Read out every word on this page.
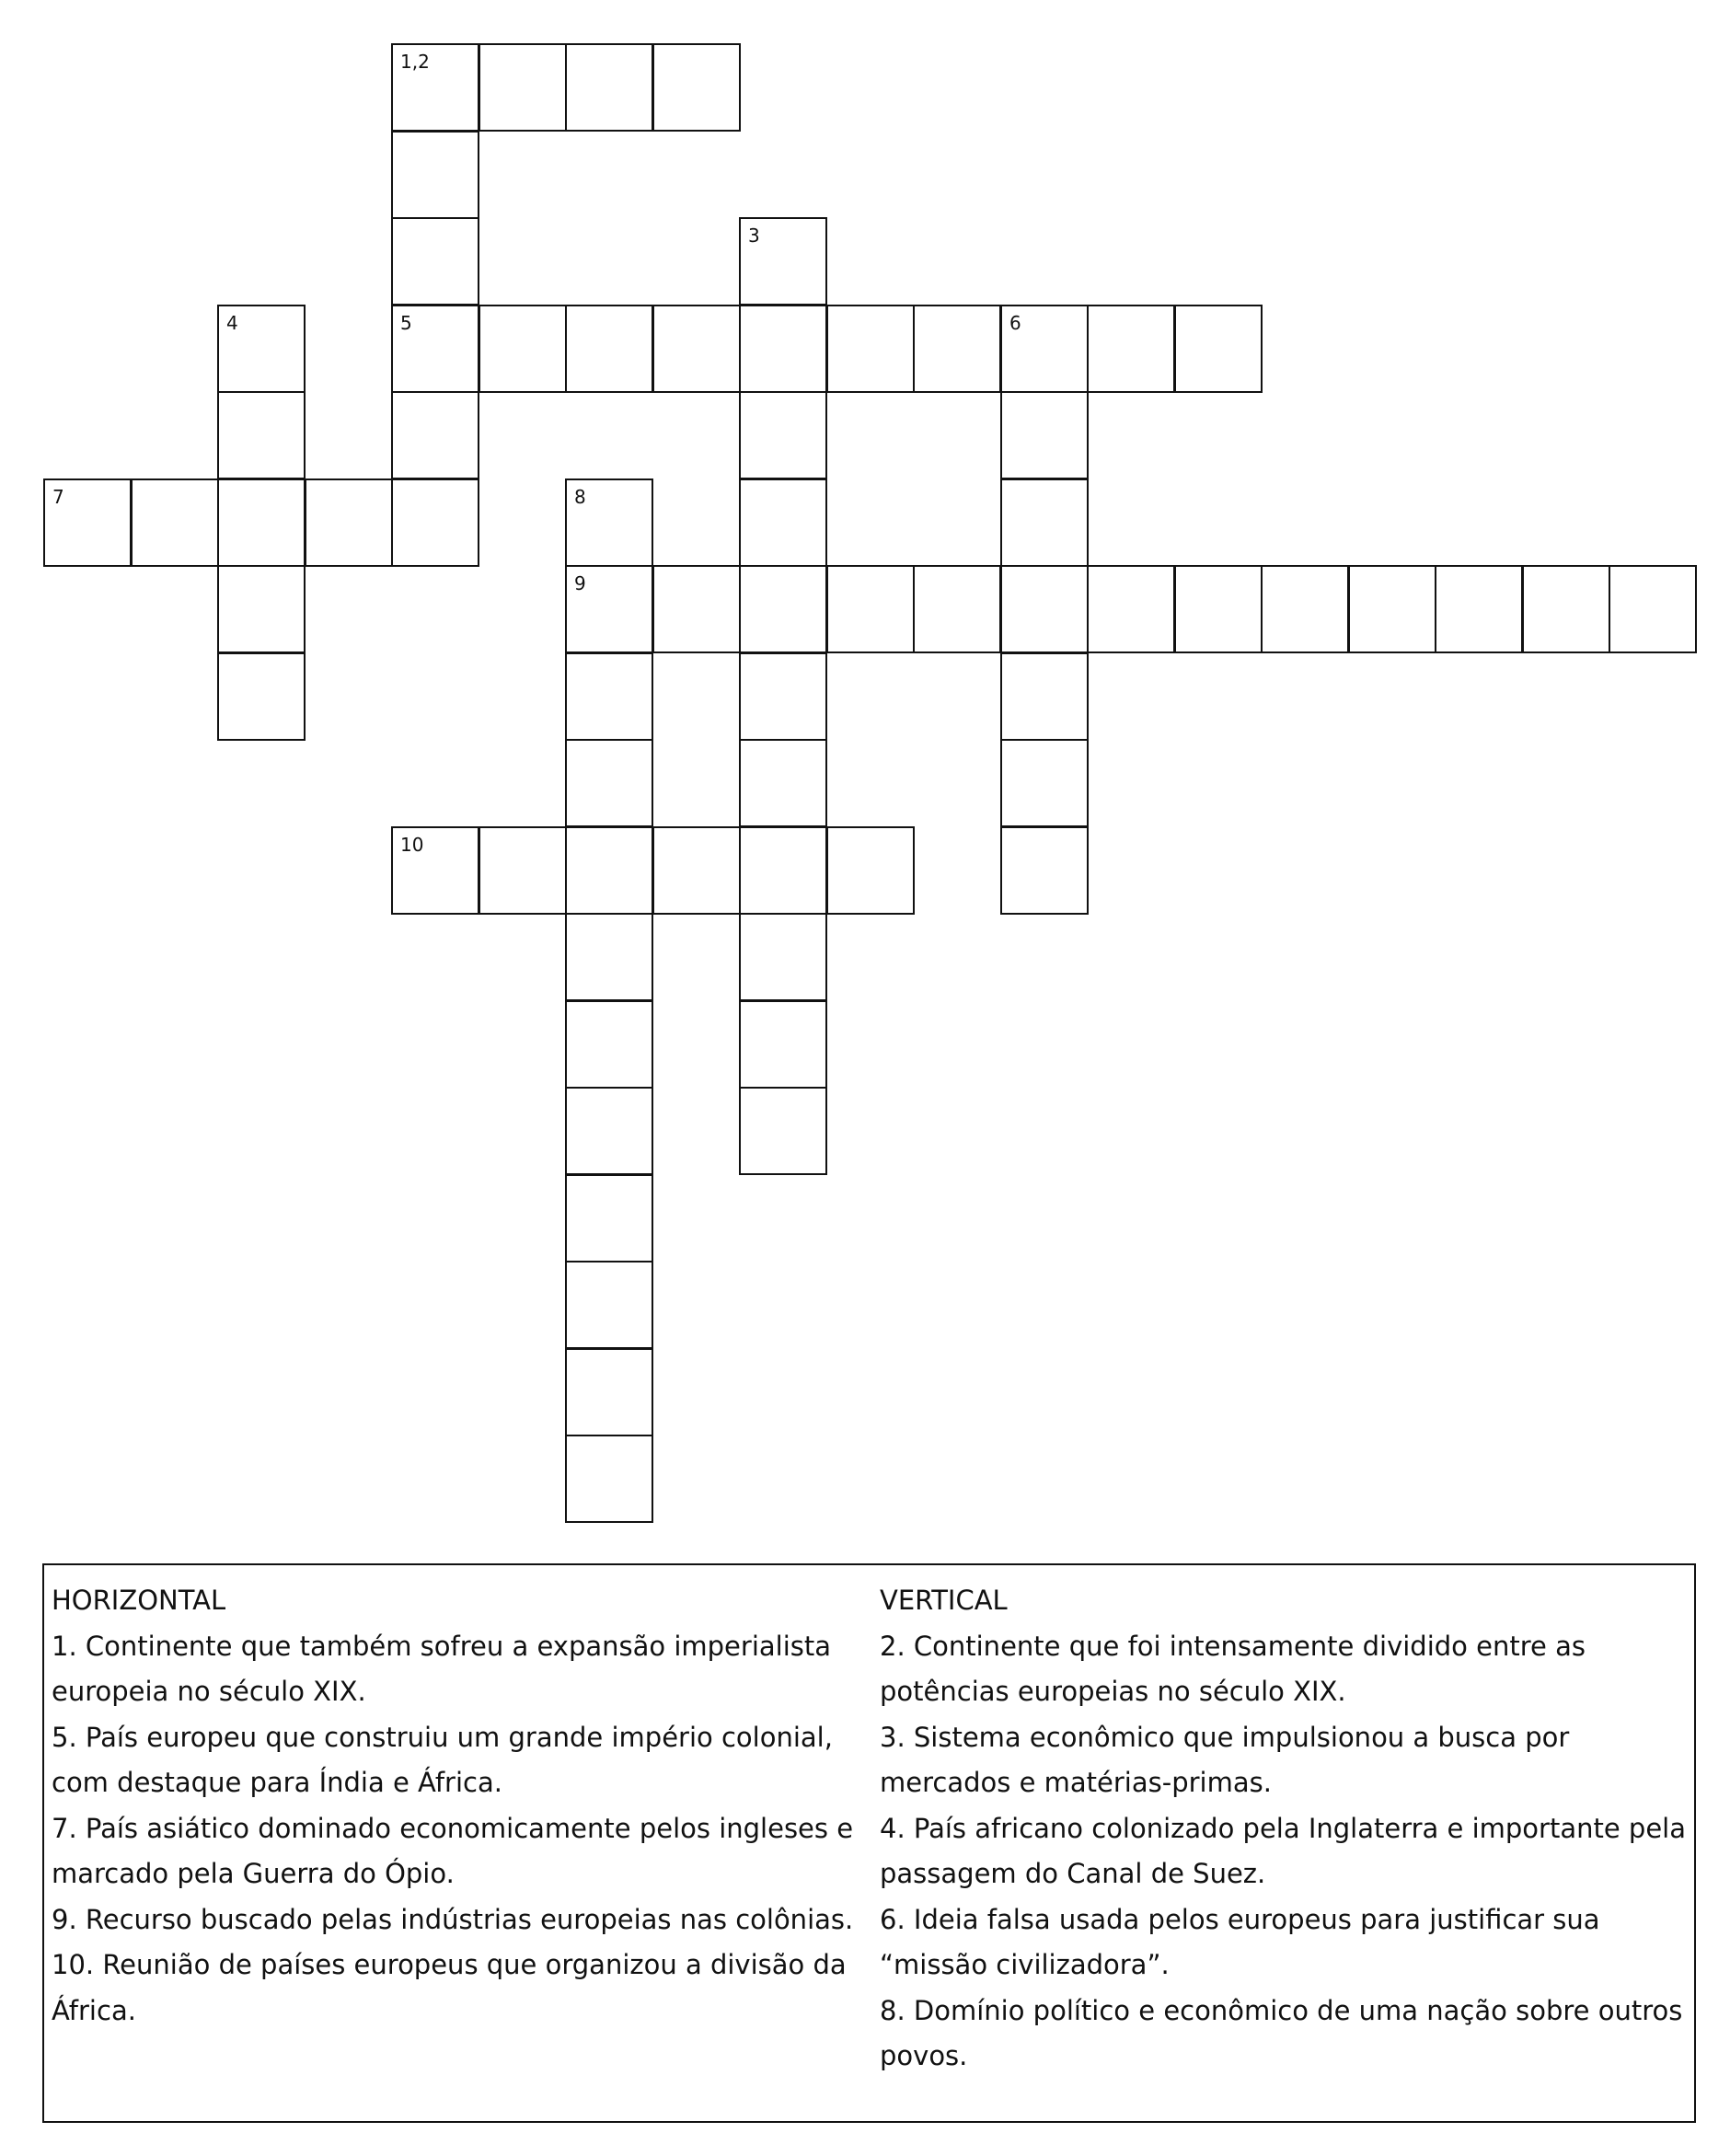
1,2
3
4	5	6
7	8
9
10
HORIZONTAL
1. Continente que também sofreu a expansão imperialista europeia no século XIX.
5. País europeu que construiu um grande império colonial, com destaque para Índia e África.
7. País asiático dominado economicamente pelos ingleses e marcado pela Guerra do Ópio.
9. Recurso buscado pelas indústrias europeias nas colônias.
10. Reunião de países europeus que organizou a divisão da África.
VERTICAL
2. Continente que foi intensamente dividido entre as potências europeias no século XIX.
3. Sistema econômico que impulsionou a busca por mercados e matérias-primas.
4. País africano colonizado pela Inglaterra e importante pela passagem do Canal de Suez.
6. Ideia falsa usada pelos europeus para justificar sua “missão civilizadora”.
8. Domínio político e econômico de uma nação sobre outros povos.
